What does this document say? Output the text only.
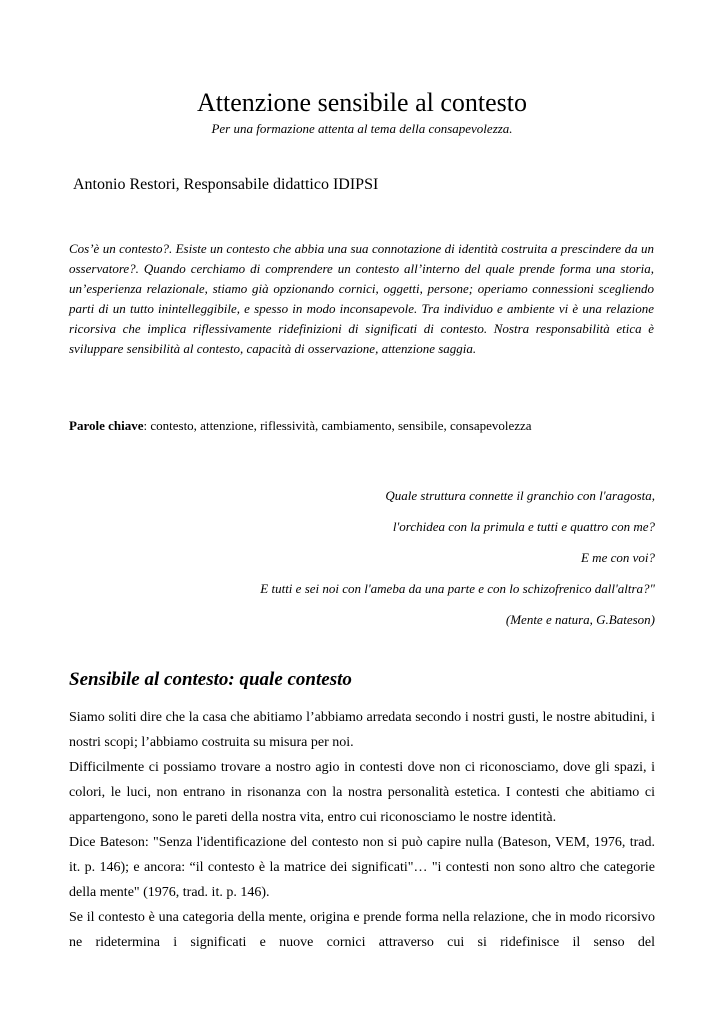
Attenzione sensibile al contesto
Per una formazione attenta al tema della consapevolezza.
Antonio Restori, Responsabile didattico IDIPSI
Cos’è un contesto?. Esiste un contesto che abbia una sua connotazione di identità costruita a prescindere da un osservatore?. Quando cerchiamo di comprendere un contesto all’interno del quale prende forma una storia, un’esperienza relazionale, stiamo già opzionando cornici, oggetti, persone; operiamo connessioni scegliendo parti di un tutto inintelleggibile, e spesso in modo inconsapevole. Tra individuo e ambiente vi è una relazione ricorsiva che implica riflessivamente ridefinizioni di significati di contesto. Nostra responsabilità etica è sviluppare sensibilità al contesto, capacità di osservazione, attenzione saggia.
Parole chiave: contesto, attenzione, riflessività, cambiamento, sensibile, consapevolezza
Quale struttura connette il granchio con l'aragosta,
l'orchidea con la primula e tutti e quattro con me?
E me con voi?
E tutti e sei noi con l'ameba da una parte e con lo schizofrenico dall'altra?"
(Mente e natura, G.Bateson)
Sensibile al contesto: quale contesto

Siamo soliti dire che la casa che abitiamo l’abbiamo arredata secondo i nostri gusti, le nostre abitudini, i nostri scopi; l’abbiamo costruita su misura per noi.

Difficilmente ci possiamo trovare a nostro agio in contesti dove non ci riconosciamo, dove gli spazi, i colori, le luci, non entrano in risonanza con la nostra personalità estetica. I contesti che abitiamo ci appartengono, sono le pareti della nostra vita, entro cui riconosciamo le nostre identità.

Dice Bateson: "Senza l'identificazione del contesto non si può capire nulla (Bateson, VEM, 1976, trad. it. p. 146); e ancora: “il contesto è la matrice dei significati"… "i contesti non sono altro che categorie della mente" (1976, trad. it. p. 146).

Se il contesto è una categoria della mente, origina e prende forma nella relazione, che in modo ricorsivo ne ridetermina i significati e nuove cornici attraverso cui si ridefinisce il senso del
